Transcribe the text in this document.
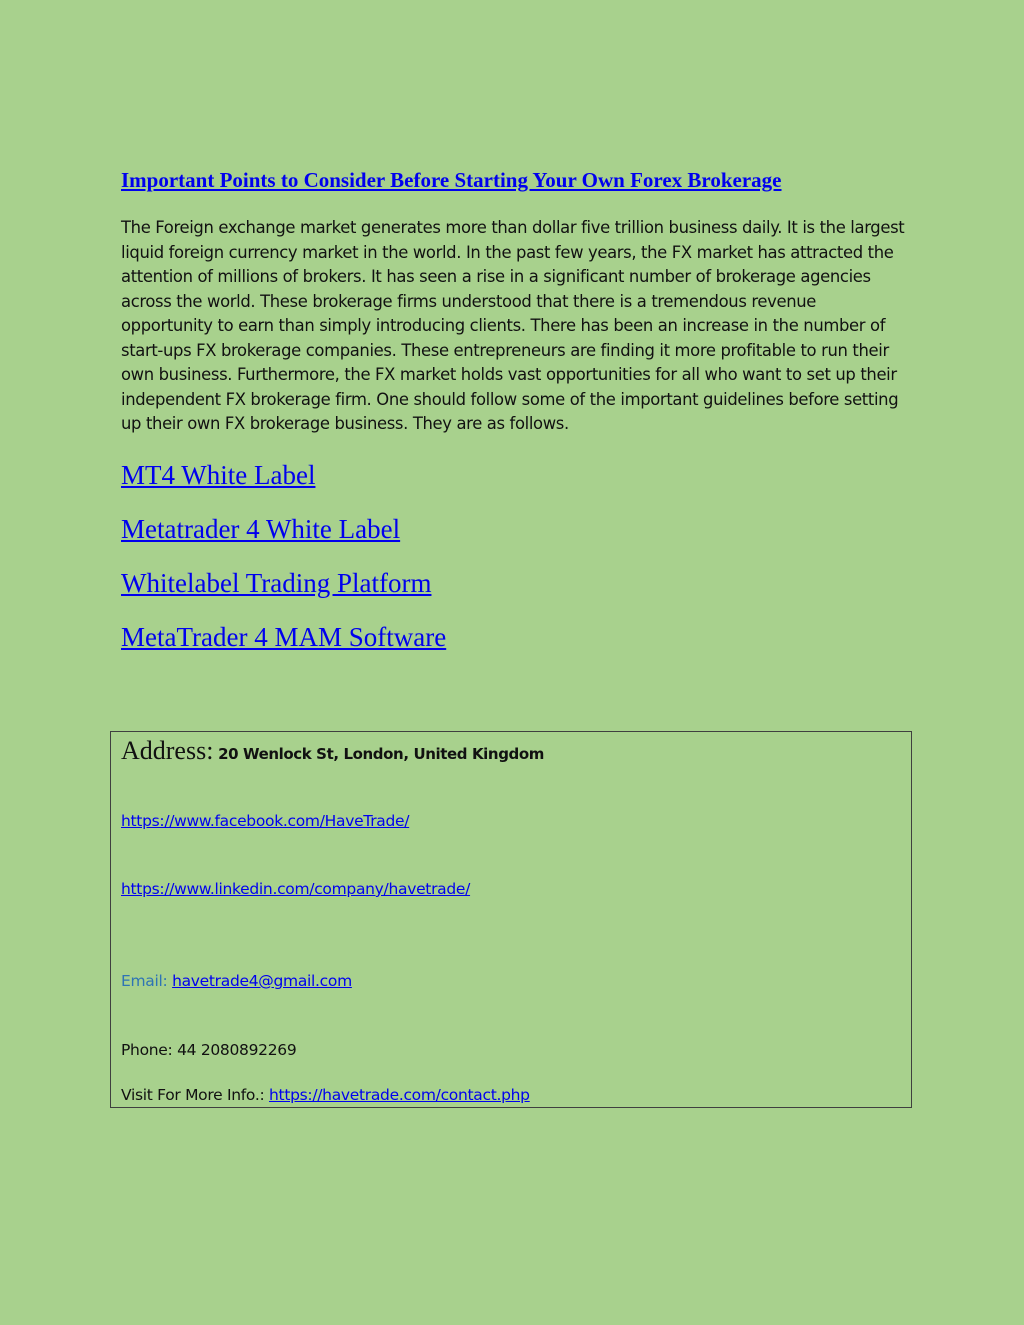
Important Points to Consider Before Starting Your Own Forex Brokerage

The Foreign exchange market generates more than dollar five trillion business daily. It is the largest liquid foreign currency market in the world. In the past few years, the FX market has attracted the attention of millions of brokers. It has seen a rise in a significant number of brokerage agencies across the world. These brokerage firms understood that there is a tremendous revenue opportunity to earn than simply introducing clients. There has been an increase in the number of start-ups FX brokerage companies. These entrepreneurs are finding it more profitable to run their own business. Furthermore, the FX market holds vast opportunities for all who want to set up their independent FX brokerage firm. One should follow some of the important guidelines before setting up their own FX brokerage business. They are as follows.

MT4 White Label
Metatrader 4 White Label
Whitelabel Trading Platform
MetaTrader 4 MAM Software
Address: 20 Wenlock St, London, United Kingdom
https://www.facebook.com/HaveTrade/
https://www.linkedin.com/company/havetrade/
Email: havetrade4@gmail.com
Phone: 44 2080892269
Visit For More Info.: https://havetrade.com/contact.php
